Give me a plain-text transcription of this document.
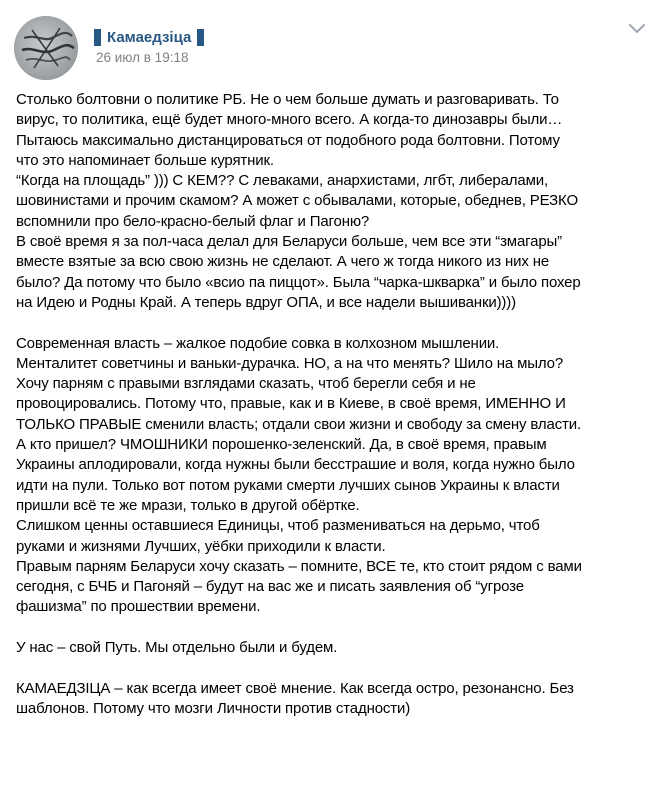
Камаедзіца
26 июл в 19:18
Столько болтовни о политике РБ. Не о чем больше думать и разговаривать. То
вирус, то политика, ещё будет много-много всего. А когда-то динозавры были…
Пытаюсь максимально дистанцироваться от подобного рода болтовни. Потому
что это напоминает больше курятник.
“Когда на площадь” ))) С КЕМ?? С леваками, анархистами, лгбт, либералами,
шовинистами и прочим скамом? А может с обывалами, которые, обеднев, РЕЗКО
вспомнили про бело-красно-белый флаг и Пагоню?
В своё время я за пол-часа делал для Беларуси больше, чем все эти “змагары”
вместе взятые за всю свою жизнь не сделают. А чего ж тогда никого из них не
было? Да потому что было «всио па пиццот». Была “чарка-шкварка” и было похер
на Идею и Родны Край. А теперь вдруг ОПА, и все надели вышиванки))))
Современная власть – жалкое подобие совка в колхозном мышлении.
Менталитет советчины и ваньки-дурачка. НО, а на что менять? Шило на мыло?
Хочу парням с правыми взглядами сказать, чтоб берегли себя и не
провоцировались. Потому что, правые, как и в Киеве, в своё время, ИМЕННО И
ТОЛЬКО ПРАВЫЕ сменили власть; отдали свои жизни и свободу за смену власти.
А кто пришел? ЧМОШНИКИ порошенко-зеленский. Да, в своё время, правым
Украины аплодировали, когда нужны были бесстрашие и воля, когда нужно было
идти на пули. Только вот потом руками смерти лучших сынов Украины к власти
пришли всё те же мрази, только в другой обёртке.
Слишком ценны оставшиеся Единицы, чтоб размениваться на дерьмо, чтоб
руками и жизнями Лучших, уёбки приходили к власти.
Правым парням Беларуси хочу сказать – помните, ВСЕ те, кто стоит рядом с вами
сегодня, с БЧБ и Пагоняй – будут на вас же и писать заявления об “угрозе
фашизма” по прошествии времени.
У нас – свой Путь. Мы отдельно были и будем.
КАМАЕДЗІЦА – как всегда имеет своё мнение. Как всегда остро, резонансно. Без
шаблонов. Потому что мозги Личности против стадности)
